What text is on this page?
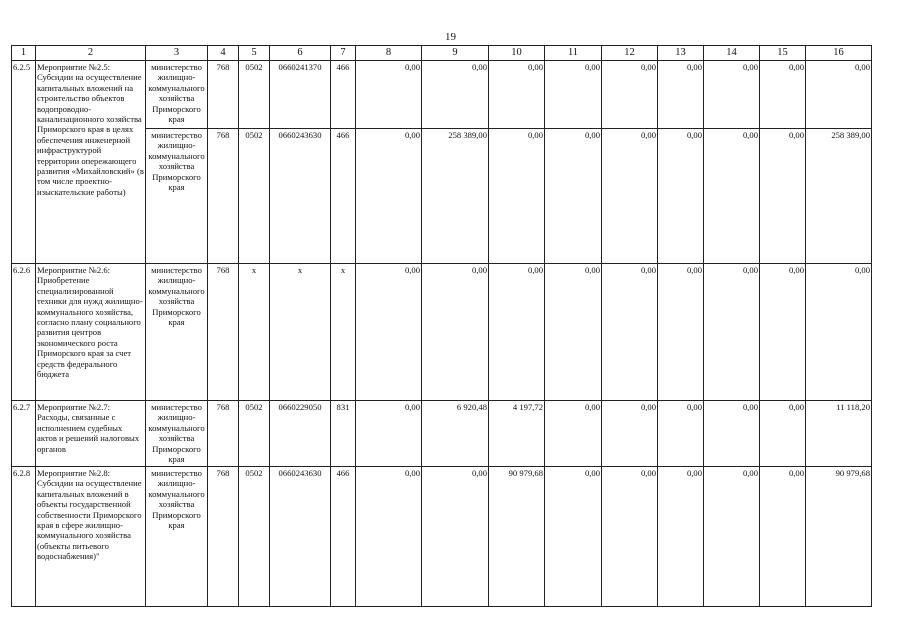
19
1	2	3	4	5	6	7	8	9	10	11	12	13	14	15	16
6.2.5	Мероприятие №2.5: Субсидии на осуществление капитальных вложений на строительство объектов водопроводно-канализационного хозяйства Приморского края в целях обеспечения инженерной инфраструктурой территории опережающего развития «Михайловский» (в том числе проектно-изыскательские работы)	министерство жилищно-коммунального хозяйства Приморского края	768	0502	0660241370	466	0,00	0,00	0,00	0,00	0,00	0,00	0,00	0,00	0,00
		министерство жилищно-коммунального хозяйства Приморского края	768	0502	0660243630	466	0,00	258 389,00	0,00	0,00	0,00	0,00	0,00	0,00	258 389,00
6.2.6	Мероприятие №2.6: Приобретение специализированной техники для нужд жилищно-коммунального хозяйства, согласно плану социального развития центров экономического роста Приморского края за счет средств федерального бюджета	министерство жилищно-коммунального хозяйства Приморского края	768	х	х	х	0,00	0,00	0,00	0,00	0,00	0,00	0,00	0,00	0,00
6.2.7	Мероприятие №2.7: Расходы, связанные с исполнением судебных актов и решений налоговых органов	министерство жилищно-коммунального хозяйства Приморского края	768	0502	0660229050	831	0,00	6 920,48	4 197,72	0,00	0,00	0,00	0,00	0,00	11 118,20
6.2.8	Мероприятие №2.8: Субсидии на осуществление капитальных вложений в объекты государственной собственности Приморского края в сфере жилищно-коммунального хозяйства (объекты питьевого водоснабжения)"	министерство жилищно-коммунального хозяйства Приморского края	768	0502	0660243630	466	0,00	0,00	90 979,68	0,00	0,00	0,00	0,00	0,00	90 979,68
